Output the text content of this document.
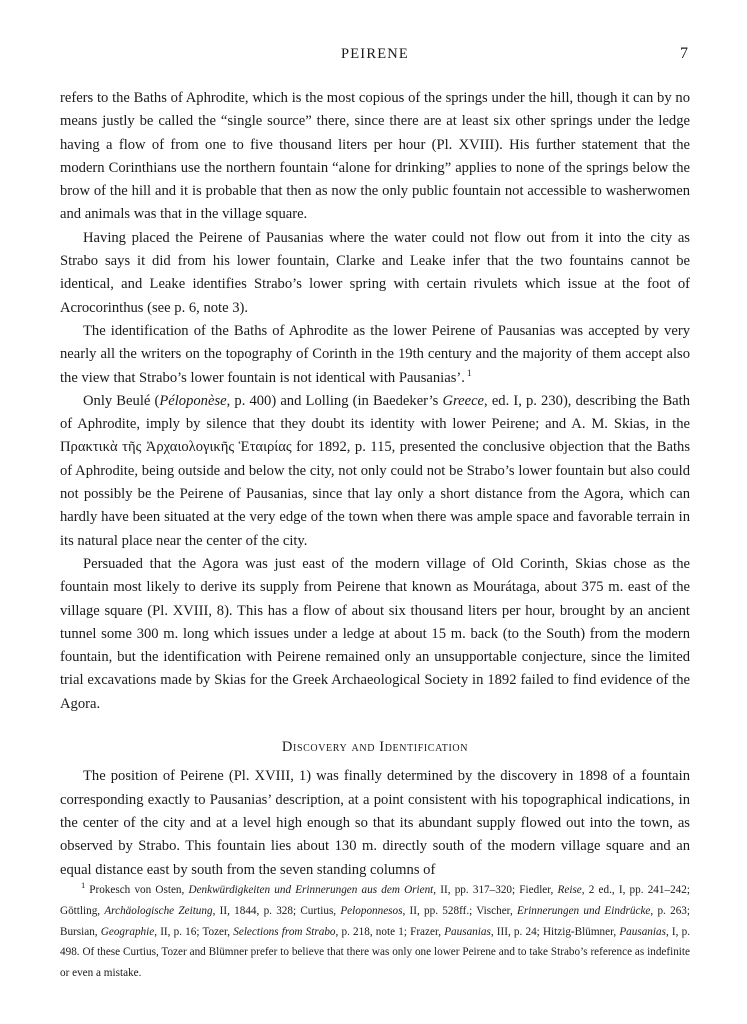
PEIRENE	7

refers to the Baths of Aphrodite, which is the most copious of the springs under the hill, though it can by no means justly be called the “single source” there, since there are at least six other springs under the ledge having a flow of from one to five thousand liters per hour (Pl. XVIII). His further statement that the modern Corinthians use the northern fountain “alone for drinking” applies to none of the springs below the brow of the hill and it is probable that then as now the only public fountain not accessible to washerwomen and animals was that in the village square.

Having placed the Peirene of Pausanias where the water could not flow out from it into the city as Strabo says it did from his lower fountain, Clarke and Leake infer that the two fountains cannot be identical, and Leake identifies Strabo’s lower spring with certain rivulets which issue at the foot of Acrocorinthus (see p. 6, note 3).

The identification of the Baths of Aphrodite as the lower Peirene of Pausanias was accepted by very nearly all the writers on the topography of Corinth in the 19th century and the majority of them accept also the view that Strabo’s lower fountain is not identical with Pausanias’. $^1$

Only Beulé (Péloponèse, p. 400) and Lolling (in Baedeker’s Greece, ed. I, p. 230), describing the Bath of Aphrodite, imply by silence that they doubt its identity with lower Peirene; and A. M. Skias, in the Πρακτικὰ τῆς Ἀρχαιολογικῆς Ἑταιρίας for 1892, p. 115, presented the conclusive objection that the Baths of Aphrodite, being outside and below the city, not only could not be Strabo’s lower fountain but also could not possibly be the Peirene of Pausanias, since that lay only a short distance from the Agora, which can hardly have been situated at the very edge of the town when there was ample space and favorable terrain in its natural place near the center of the city.

Persuaded that the Agora was just east of the modern village of Old Corinth, Skias chose as the fountain most likely to derive its supply from Peirene that known as Mourátaga, about 375 m. east of the village square (Pl. XVIII, 8). This has a flow of about six thousand liters per hour, brought by an ancient tunnel some 300 m. long which issues under a ledge at about 15 m. back (to the South) from the modern fountain, but the identification with Peirene remained only an unsupportable conjecture, since the limited trial excavations made by Skias for the Greek Archaeological Society in 1892 failed to find evidence of the Agora.

Discovery and Identification

The position of Peirene (Pl. XVIII, 1) was finally determined by the discovery in 1898 of a fountain corresponding exactly to Pausanias’ description, at a point consistent with his topographical indications, in the center of the city and at a level high enough so that its abundant supply flowed out into the town, as observed by Strabo. This fountain lies about 130 m. directly south of the modern village square and an equal distance east by south from the seven standing columns of

$^1$ Prokesch von Osten, Denkwürdigkeiten und Erinnerungen aus dem Orient, II, pp. 317–320; Fiedler, Reise, 2 ed., I, pp. 241–242; Göttling, Archäologische Zeitung, II, 1844, p. 328; Curtius, Peloponnesos, II, pp. 528ff.; Vischer, Erinnerungen und Eindrücke, p. 263; Bursian, Geographie, II, p. 16; Tozer, Selections from Strabo, p. 218, note 1; Frazer, Pausanias, III, p. 24; Hitzig-Blümner, Pausanias, I, p. 498. Of these Curtius, Tozer and Blümner prefer to believe that there was only one lower Peirene and to take Strabo’s reference as indefinite or even a mistake.
